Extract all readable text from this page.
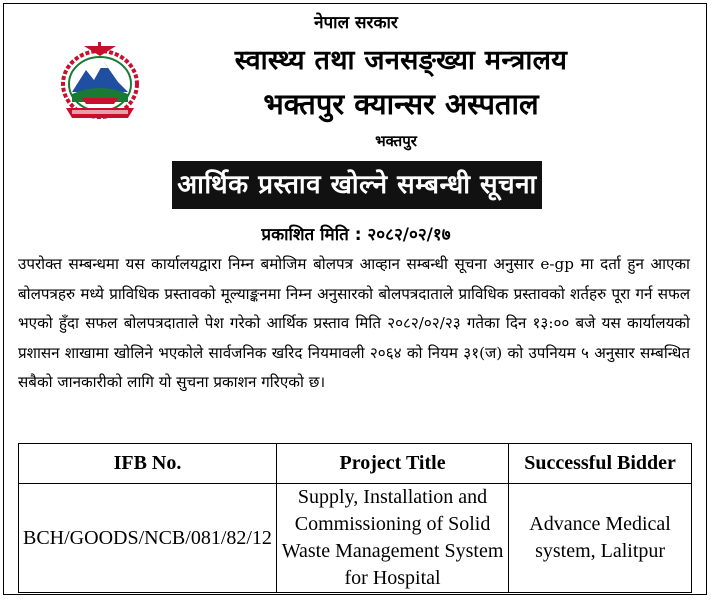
नेपाल सरकार
स्वास्थ्य तथा जनसङ्ख्या मन्त्रालय
भक्तपुर क्यान्सर अस्पताल
भक्तपुर
आर्थिक प्रस्ताव खोल्ने सम्बन्धी सूचना
प्रकाशित मिति : २०८२/०२/१७
उपरोक्त सम्बन्धमा यस कार्यालयद्वारा निम्न बमोजिम बोलपत्र आव्हान सम्बन्धी सूचना अनुसार e-gp मा दर्ता हुन आएका बोलपत्रहरु मध्ये प्राविधिक प्रस्तावको मूल्याङ्कनमा निम्न अनुसारको बोलपत्रदाताले प्राविधिक प्रस्तावको शर्तहरु पूरा गर्न सफल भएको हुँदा सफल बोलपत्रदाताले पेश गरेको आर्थिक प्रस्ताव मिति २०८२/०२/२३ गतेका दिन १३:०० बजे यस कार्यालयको प्रशासन शाखामा खोलिने भएकोले सार्वजनिक खरिद नियमावली २०६४ को नियम ३१(ज) को उपनियम ५ अनुसार सम्बन्धित सबैको जानकारीको लागि यो सुचना प्रकाशन गरिएको छ।
IFB No.	Project Title	Successful Bidder
BCH/GOODS/NCB/081/82/12	Supply, Installation and Commissioning of Solid Waste Management System for Hospital	Advance Medical system, Lalitpur
